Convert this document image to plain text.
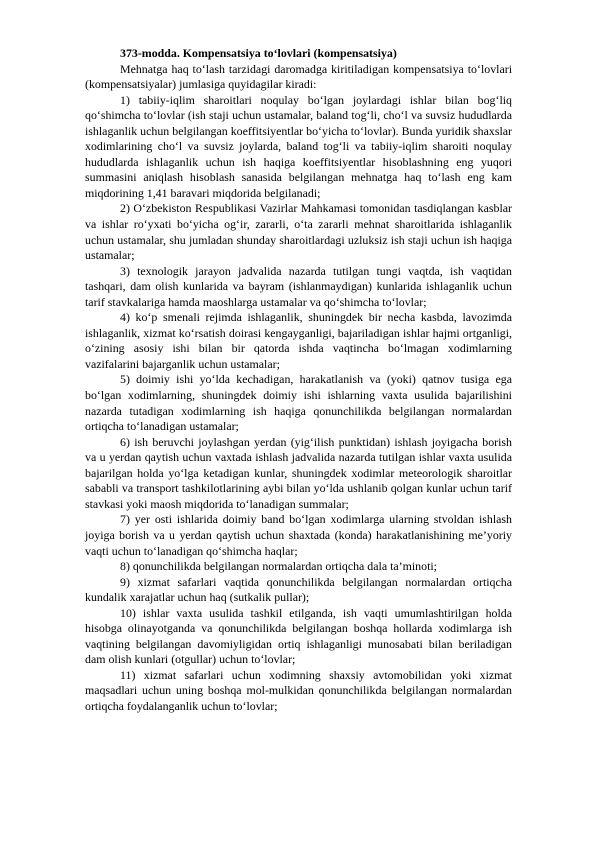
373-modda. Kompensatsiya to‘lovlari (kompensatsiya)

Mehnatga haq to‘lash tarzidagi daromadga kiritiladigan kompensatsiya to‘lovlari (kompensatsiyalar) jumlasiga quyidagilar kiradi:

1) tabiiy-iqlim sharoitlari noqulay bo‘lgan joylardagi ishlar bilan bog‘liq qo‘shimcha to‘lovlar (ish staji uchun ustamalar, baland tog‘li, cho‘l va suvsiz hududlarda ishlaganlik uchun belgilangan koeffitsiyentlar bo‘yicha to‘lovlar). Bunda yuridik shaxslar xodimlarining cho‘l va suvsiz joylarda, baland tog‘li va tabiiy-iqlim sharoiti noqulay hududlarda ishlaganlik uchun ish haqiga koeffitsiyentlar hisoblashning eng yuqori summasini aniqlash hisoblash sanasida belgilangan mehnatga haq to‘lash eng kam miqdorining 1,41 baravari miqdorida belgilanadi;

2) O‘zbekiston Respublikasi Vazirlar Mahkamasi tomonidan tasdiqlangan kasblar va ishlar ro‘yxati bo‘yicha og‘ir, zararli, o‘ta zararli mehnat sharoitlarida ishlaganlik uchun ustamalar, shu jumladan shunday sharoitlardagi uzluksiz ish staji uchun ish haqiga ustamalar;

3) texnologik jarayon jadvalida nazarda tutilgan tungi vaqtda, ish vaqtidan tashqari, dam olish kunlarida va bayram (ishlanmaydigan) kunlarida ishlaganlik uchun tarif stavkalariga hamda maoshlarga ustamalar va qo‘shimcha to‘lovlar;

4) ko‘p smenali rejimda ishlaganlik, shuningdek bir necha kasbda, lavozimda ishlaganlik, xizmat ko‘rsatish doirasi kengayganligi, bajariladigan ishlar hajmi ortganligi, o‘zining asosiy ishi bilan bir qatorda ishda vaqtincha bo‘lmagan xodimlarning vazifalarini bajarganlik uchun ustamalar;

5) doimiy ishi yo‘lda kechadigan, harakatlanish va (yoki) qatnov tusiga ega bo‘lgan xodimlarning, shuningdek doimiy ishi ishlarning vaxta usulida bajarilishini nazarda tutadigan xodimlarning ish haqiga qonunchilikda belgilangan normalardan ortiqcha to‘lanadigan ustamalar;

6) ish beruvchi joylashgan yerdan (yig‘ilish punktidan) ishlash joyigacha borish va u yerdan qaytish uchun vaxtada ishlash jadvalida nazarda tutilgan ishlar vaxta usulida bajarilgan holda yo‘lga ketadigan kunlar, shuningdek xodimlar meteorologik sharoitlar sababli va transport tashkilotlarining aybi bilan yo‘lda ushlanib qolgan kunlar uchun tarif stavkasi yoki maosh miqdorida to‘lanadigan summalar;

7) yer osti ishlarida doimiy band bo‘lgan xodimlarga ularning stvoldan ishlash joyiga borish va u yerdan qaytish uchun shaxtada (konda) harakatlanishining me’yoriy vaqti uchun to‘lanadigan qo‘shimcha haqlar;

8) qonunchilikda belgilangan normalardan ortiqcha dala ta’minoti;

9) xizmat safarlari vaqtida qonunchilikda belgilangan normalardan ortiqcha kundalik xarajatlar uchun haq (sutkalik pullar);

10) ishlar vaxta usulida tashkil etilganda, ish vaqti umumlashtirilgan holda hisobga olinayotganda va qonunchilikda belgilangan boshqa hollarda xodimlarga ish vaqtining belgilangan davomiyligidan ortiq ishlaganligi munosabati bilan beriladigan dam olish kunlari (otgullar) uchun to‘lovlar;

11) xizmat safarlari uchun xodimning shaxsiy avtomobilidan yoki xizmat maqsadlari uchun uning boshqa mol-mulkidan qonunchilikda belgilangan normalardan ortiqcha foydalanganlik uchun to‘lovlar;
